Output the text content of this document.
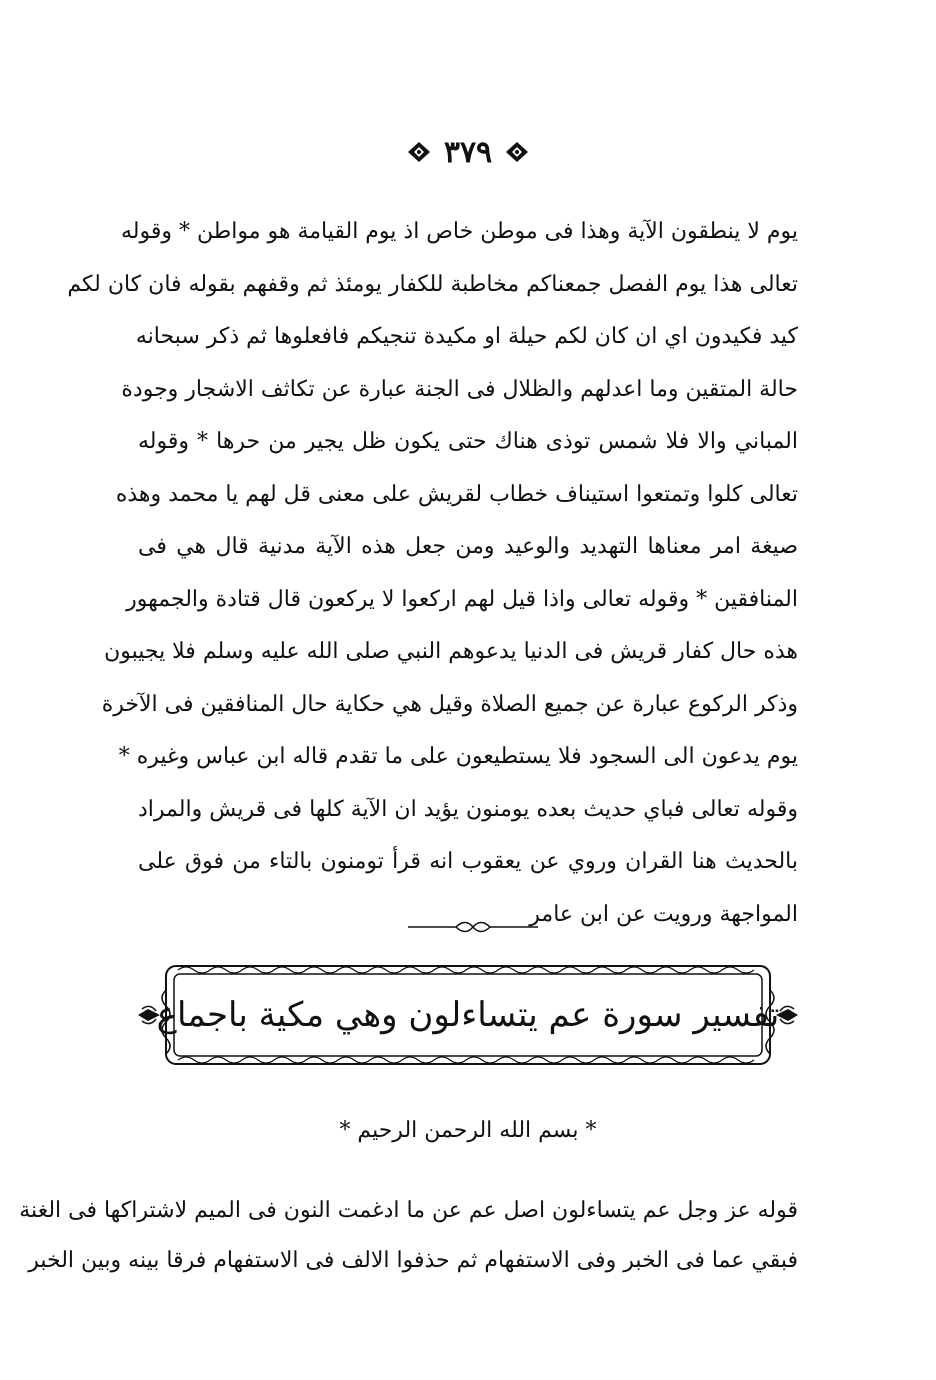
٣٧٩
يوم لا ينطقون الآية وهذا فى موطن خاص اذ يوم القيامة هو مواطن * وقوله
تعالى هذا يوم الفصل جمعناكم مخاطبة للكفار يومئذ ثم وقفهم بقوله فان كان لكم
كيد فكيدون اي ان كان لكم حيلة او مكيدة تنجيكم فافعلوها ثم ذكر سبحانه
حالة المتقين وما اعدلهم والظلال فى الجنة عبارة عن تكاثف الاشجار وجودة
المباني والا فلا شمس توذى هناك حتى يكون ظل يجير من حرها * وقوله
تعالى كلوا وتمتعوا استيناف خطاب لقريش على معنى قل لهم يا محمد وهذه
صيغة امر معناها التهديد والوعيد ومن جعل هذه الآية مدنية قال هي فى
المنافقين * وقوله تعالى واذا قيل لهم اركعوا لا يركعون قال قتادة والجمهور
هذه حال كفار قريش فى الدنيا يدعوهم النبي صلى الله عليه وسلم فلا يجيبون
وذكر الركوع عبارة عن جميع الصلاة وقيل هي حكاية حال المنافقين فى الآخرة
يوم يدعون الى السجود فلا يستطيعون على ما تقدم قاله ابن عباس وغيره *
وقوله تعالى فباي حديث بعده يومنون يؤيد ان الآية كلها فى قريش والمراد
بالحديث هنا القران وروي عن يعقوب انه قرأ تومنون بالتاء من فوق على
المواجهة ورويت عن ابن عامر
تفسير سورة عم يتساءلون وهي مكية باجماع
* بسم الله الرحمن الرحيم *
قوله عز وجل عم يتساءلون اصل عم عن ما ادغمت النون فى الميم لاشتراكها فى الغنة
فبقي عما فى الخبر وفى الاستفهام ثم حذفوا الالف فى الاستفهام فرقا بينه وبين الخبر
